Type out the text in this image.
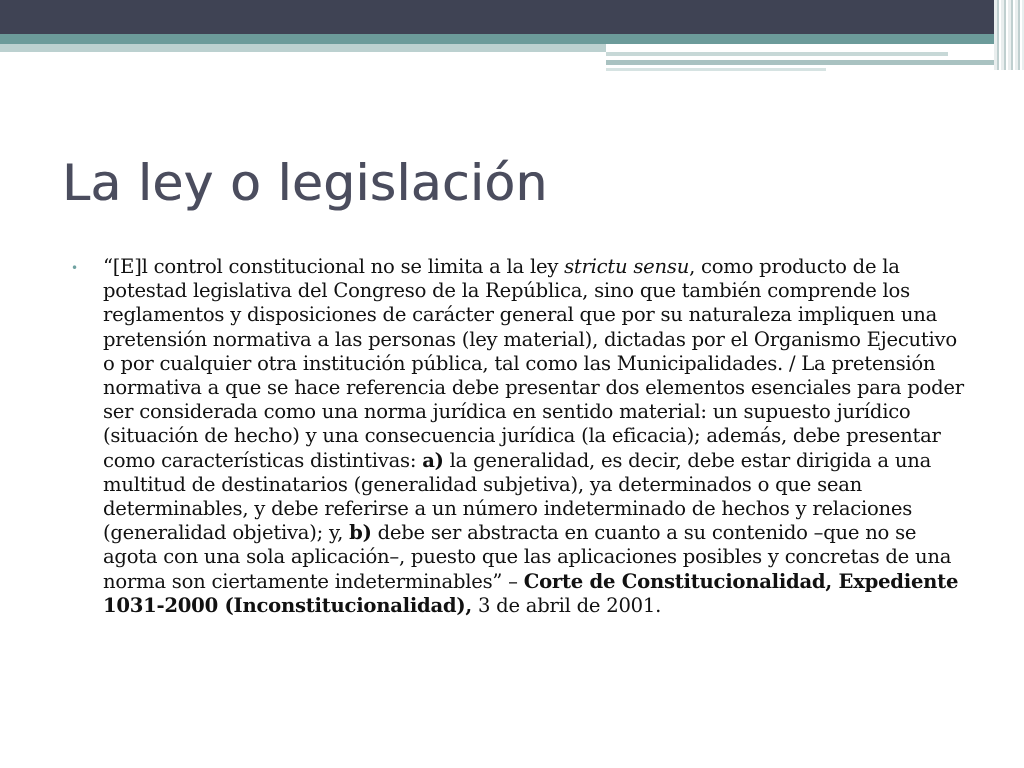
La ley o legislación
• “[E]l control constitucional no se limita a la ley strictu sensu, como producto de la potestad legislativa del Congreso de la República, sino que también comprende los reglamentos y disposiciones de carácter general que por su naturaleza impliquen una pretensión normativa a las personas (ley material), dictadas por el Organismo Ejecutivo o por cualquier otra institución pública, tal como las Municipalidades. / La pretensión normativa a que se hace referencia debe presentar dos elementos esenciales para poder ser considerada como una norma jurídica en sentido material: un supuesto jurídico (situación de hecho) y una consecuencia jurídica (la eficacia); además, debe presentar como características distintivas: a) la generalidad, es decir, debe estar dirigida a una multitud de destinatarios (generalidad subjetiva), ya determinados o que sean determinables, y debe referirse a un número indeterminado de hechos y relaciones (generalidad objetiva); y, b) debe ser abstracta en cuanto a su contenido –que no se agota con una sola aplicación–, puesto que las aplicaciones posibles y concretas de una norma son ciertamente indeterminables” – Corte de Constitucionalidad, Expediente 1031-2000 (Inconstitucionalidad), 3 de abril de 2001.
